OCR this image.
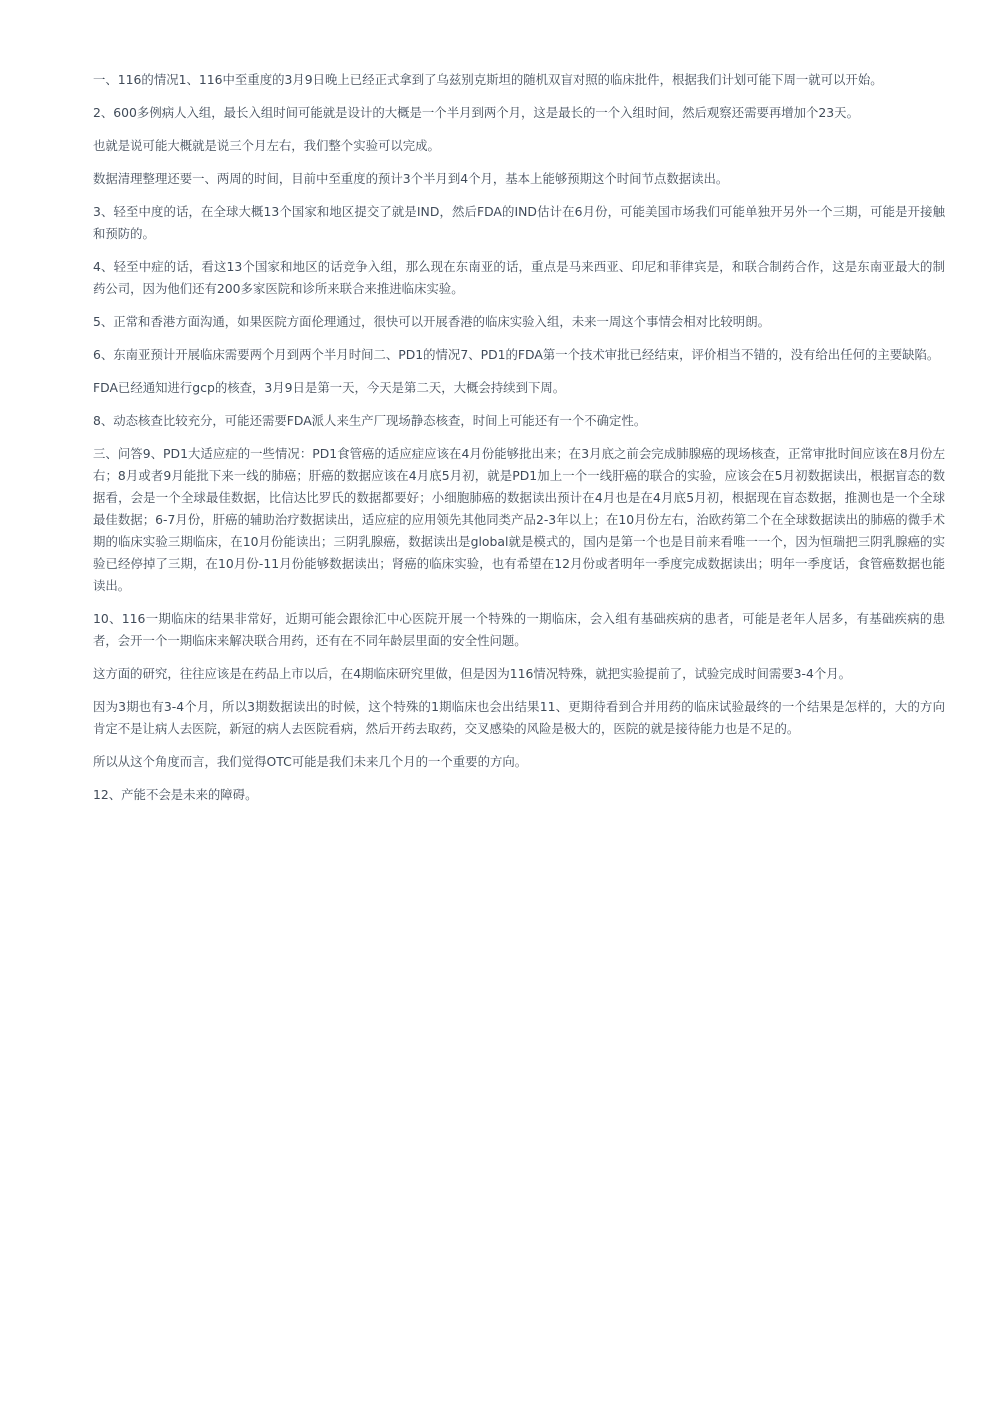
一、116的情况1、116中至重度的3月9日晚上已经正式拿到了乌兹别克斯坦的随机双盲对照的临床批件，根据我们计划可能下周一就可以开始。

2、600多例病人入组，最长入组时间可能就是设计的大概是一个半月到两个月，这是最长的一个入组时间，然后观察还需要再增加个23天。

也就是说可能大概就是说三个月左右，我们整个实验可以完成。

数据清理整理还要一、两周的时间，目前中至重度的预计3个半月到4个月，基本上能够预期这个时间节点数据读出。

3、轻至中度的话，在全球大概13个国家和地区提交了就是IND，然后FDA的IND估计在6月份，可能美国市场我们可能单独开另外一个三期，可能是开接触和预防的。

4、轻至中症的话，看这13个国家和地区的话竞争入组，那么现在东南亚的话，重点是马来西亚、印尼和菲律宾是，和联合制药合作，这是东南亚最大的制药公司，因为他们还有200多家医院和诊所来联合来推进临床实验。

5、正常和香港方面沟通，如果医院方面伦理通过，很快可以开展香港的临床实验入组，未来一周这个事情会相对比较明朗。

6、东南亚预计开展临床需要两个月到两个半月时间二、PD1的情况7、PD1的FDA第一个技术审批已经结束，评价相当不错的，没有给出任何的主要缺陷。

FDA已经通知进行gcp的核查，3月9日是第一天，今天是第二天，大概会持续到下周。

8、动态核查比较充分，可能还需要FDA派人来生产厂现场静态核查，时间上可能还有一个不确定性。

三、问答9、PD1大适应症的一些情况：PD1食管癌的适应症应该在4月份能够批出来；在3月底之前会完成肺腺癌的现场核查，正常审批时间应该在8月份左右；8月或者9月能批下来一线的肺癌；肝癌的数据应该在4月底5月初，就是PD1加上一个一线肝癌的联合的实验，应该会在5月初数据读出，根据盲态的数据看，会是一个全球最佳数据，比信达比罗氏的数据都要好；小细胞肺癌的数据读出预计在4月也是在4月底5月初，根据现在盲态数据，推测也是一个全球最佳数据；6-7月份，肝癌的辅助治疗数据读出，适应症的应用领先其他同类产品2-3年以上；在10月份左右，治欧药第二个在全球数据读出的肺癌的微手术期的临床实验三期临床，在10月份能读出；三阴乳腺癌，数据读出是global就是模式的，国内是第一个也是目前来看唯一一个，因为恒瑞把三阴乳腺癌的实验已经停掉了三期，在10月份-11月份能够数据读出；肾癌的临床实验，也有希望在12月份或者明年一季度完成数据读出；明年一季度话，食管癌数据也能读出。

10、116一期临床的结果非常好，近期可能会跟徐汇中心医院开展一个特殊的一期临床，会入组有基础疾病的患者，可能是老年人居多，有基础疾病的患者，会开一个一期临床来解决联合用药，还有在不同年龄层里面的安全性问题。

这方面的研究，往往应该是在药品上市以后，在4期临床研究里做，但是因为116情况特殊，就把实验提前了，试验完成时间需要3-4个月。

因为3期也有3-4个月，所以3期数据读出的时候，这个特殊的1期临床也会出结果11、更期待看到合并用药的临床试验最终的一个结果是怎样的，大的方向肯定不是让病人去医院，新冠的病人去医院看病，然后开药去取药，交叉感染的风险是极大的，医院的就是接待能力也是不足的。

所以从这个角度而言，我们觉得OTC可能是我们未来几个月的一个重要的方向。

12、产能不会是未来的障碍。
